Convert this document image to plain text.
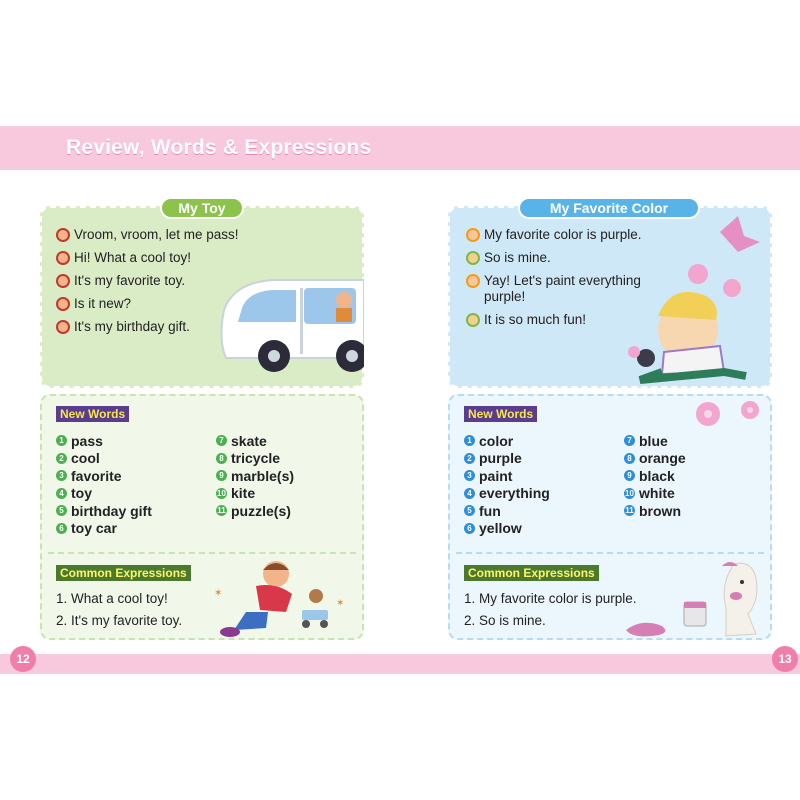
Review, Words & Expressions
My Toy
Vroom, vroom, let me pass!
Hi! What a cool toy!
It's my favorite toy.
Is it new?
It's my birthday gift.
New Words
1 pass
2 cool
3 favorite
4 toy
5 birthday gift
6 toy car
7 skate
8 tricycle
9 marble(s)
10 kite
11 puzzle(s)
Common Expressions
1. What a cool toy!
2. It's my favorite toy.
✶
✶
12
My Favorite Color
My favorite color is purple.
So is mine.
Yay! Let's paint everything purple!
It is so much fun!
New Words
1 color
2 purple
3 paint
4 everything
5 fun
6 yellow
7 blue
8 orange
9 black
10 white
11 brown
Common Expressions
1. My favorite color is purple.
2. So is mine.
13
